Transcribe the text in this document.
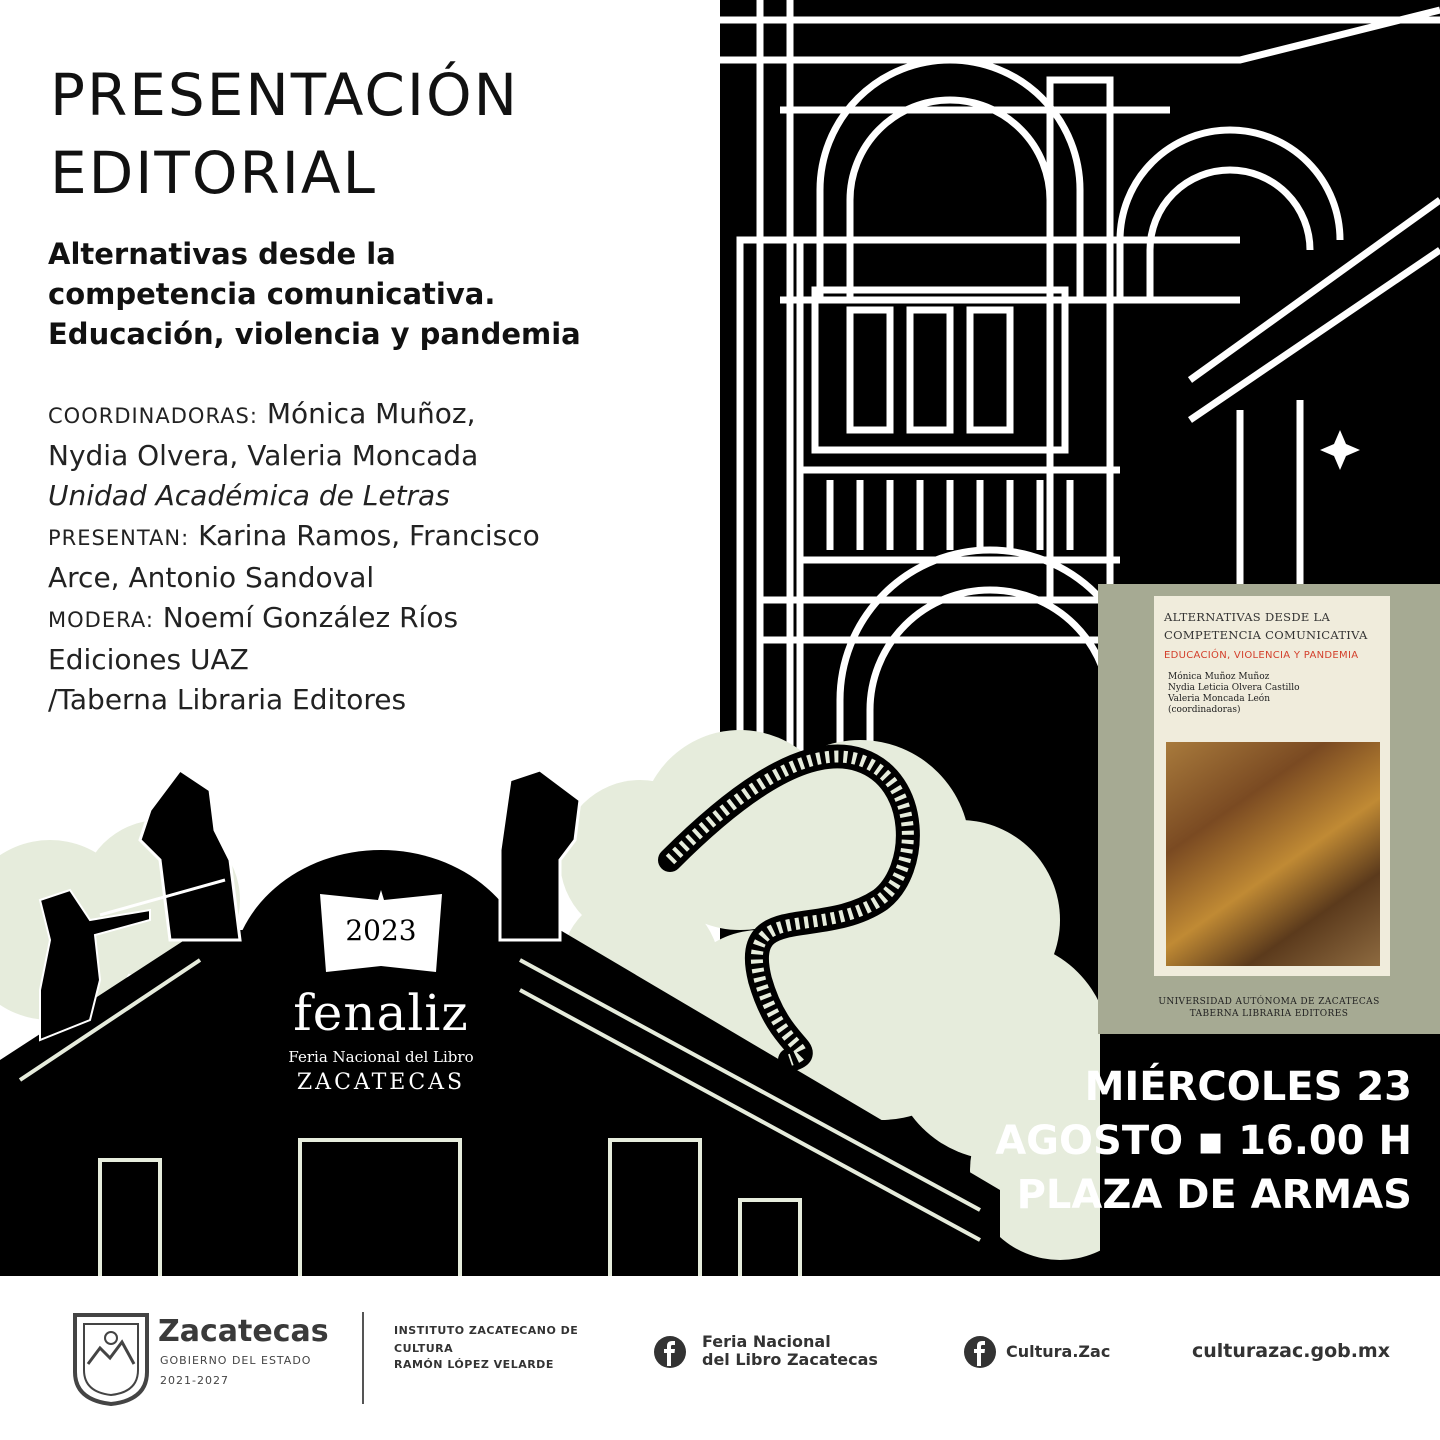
PRESENTACIÓN
EDITORIAL
Alternativas desde la
competencia comunicativa.
Educación, violencia y pandemia
COORDINADORAS: Mónica Muñoz,
Nydia Olvera, Valeria Moncada
Unidad Académica de Letras
PRESENTAN: Karina Ramos, Francisco
Arce, Antonio Sandoval
MODERA: Noemí González Ríos
Ediciones UAZ
/Taberna Libraria Editores
2023
fenaliz
Feria Nacional del Libro
ZACATECAS
ALTERNATIVAS DESDE LA COMPETENCIA COMUNICATIVA
EDUCACIÓN, VIOLENCIA Y PANDEMIA
Mónica Muñoz Muñoz
Nydia Leticia Olvera Castillo
Valeria Moncada León
(coordinadoras)
UNIVERSIDAD AUTÓNOMA DE ZACATECAS
TABERNA LIBRARIA EDITORES
MIÉRCOLES 23
AGOSTO ▪ 16.00 H
PLAZA DE ARMAS
Zacatecas
GOBIERNO DEL ESTADO
2021-2027
INSTITUTO ZACATECANO DE
CULTURA
RAMÓN LÓPEZ VELARDE
Feria Nacional
del Libro Zacatecas	Cultura.Zac	culturazac.gob.mx
